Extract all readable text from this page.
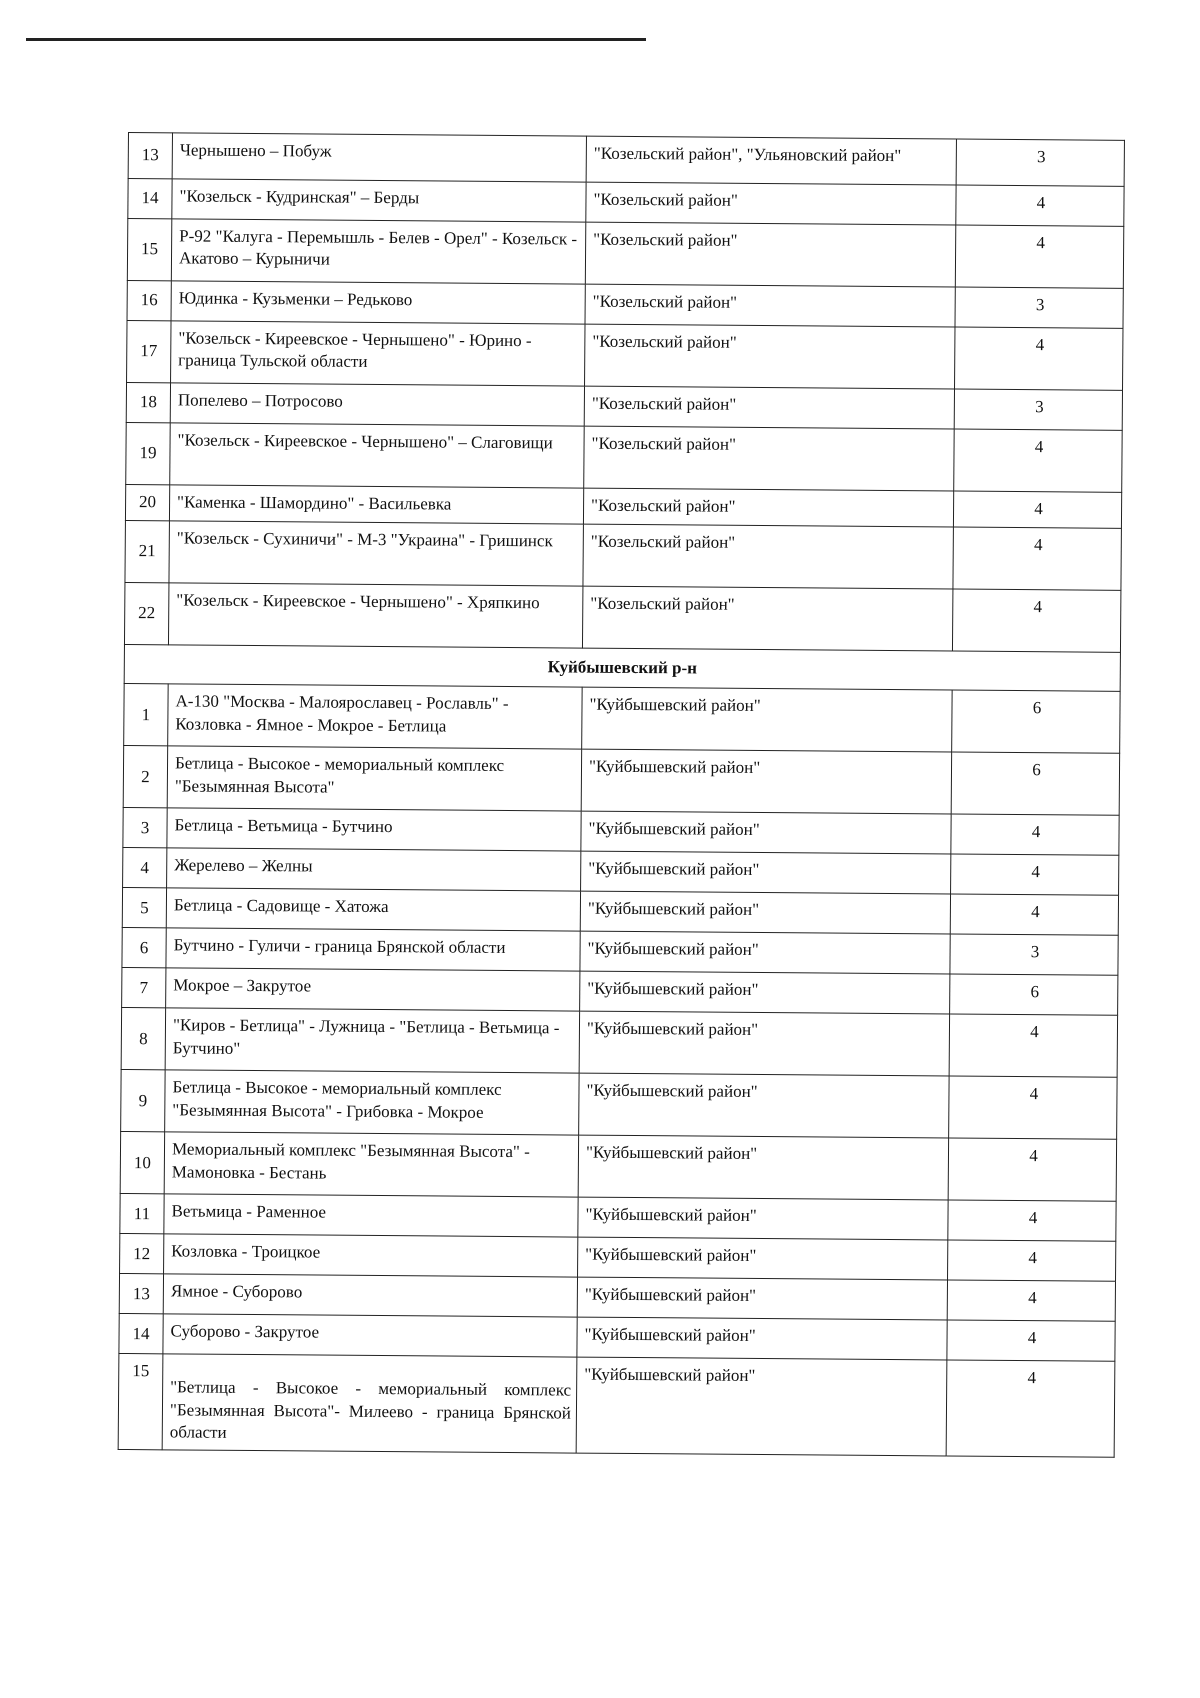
13	Чернышено – Побуж	"Козельский район", "Ульяновский район"	3
14	"Козельск - Кудринская" – Берды	"Козельский район"	4
15	Р-92 "Калуга - Перемышль - Белев - Орел" - Козельск - Акатово – Курыничи	"Козельский район"	4
16	Юдинка - Кузьменки – Редьково	"Козельский район"	3
17	"Козельск - Киреевское - Чернышено" - Юрино - граница Тульской области	"Козельский район"	4
18	Попелево – Потросово	"Козельский район"	3
19	"Козельск - Киреевское - Чернышено" – Слаговищи	"Козельский район"	4
20	"Каменка - Шамордино" - Васильевка	"Козельский район"	4
21	"Козельск - Сухиничи" - М-3 "Украина" - Гришинск	"Козельский район"	4
22	"Козельск - Киреевское - Чернышено" - Хряпкино	"Козельский район"	4
Куйбышевский р-н			
1	А-130 "Москва - Малоярославец - Рославль" - Козловка - Ямное - Мокрое - Бетлица	"Куйбышевский район"	6
2	Бетлица - Высокое - мемориальный комплекс "Безымянная Высота"	"Куйбышевский район"	6
3	Бетлица - Ветьмица - Бутчино	"Куйбышевский район"	4
4	Жерелево – Желны	"Куйбышевский район"	4
5	Бетлица - Садовище - Хатожа	"Куйбышевский район"	4
6	Бутчино - Гуличи - граница Брянской области	"Куйбышевский район"	3
7	Мокрое – Закрутое	"Куйбышевский район"	6
8	"Киров - Бетлица" - Лужница - "Бетлица - Ветьмица - Бутчино"	"Куйбышевский район"	4
9	Бетлица - Высокое - мемориальный комплекс "Безымянная Высота" - Грибовка - Мокрое	"Куйбышевский район"	4
10	Мемориальный комплекс "Безымянная Высота" - Мамоновка - Бестань	"Куйбышевский район"	4
11	Ветьмица - Раменное	"Куйбышевский район"	4
12	Козловка - Троицкое	"Куйбышевский район"	4
13	Ямное - Суборово	"Куйбышевский район"	4
14	Суборово - Закрутое	"Куйбышевский район"	4
15	"Бетлица - Высокое - мемориальный комплекс "Безымянная Высота"- Милеево - граница Брянской области	"Куйбышевский район"	4
